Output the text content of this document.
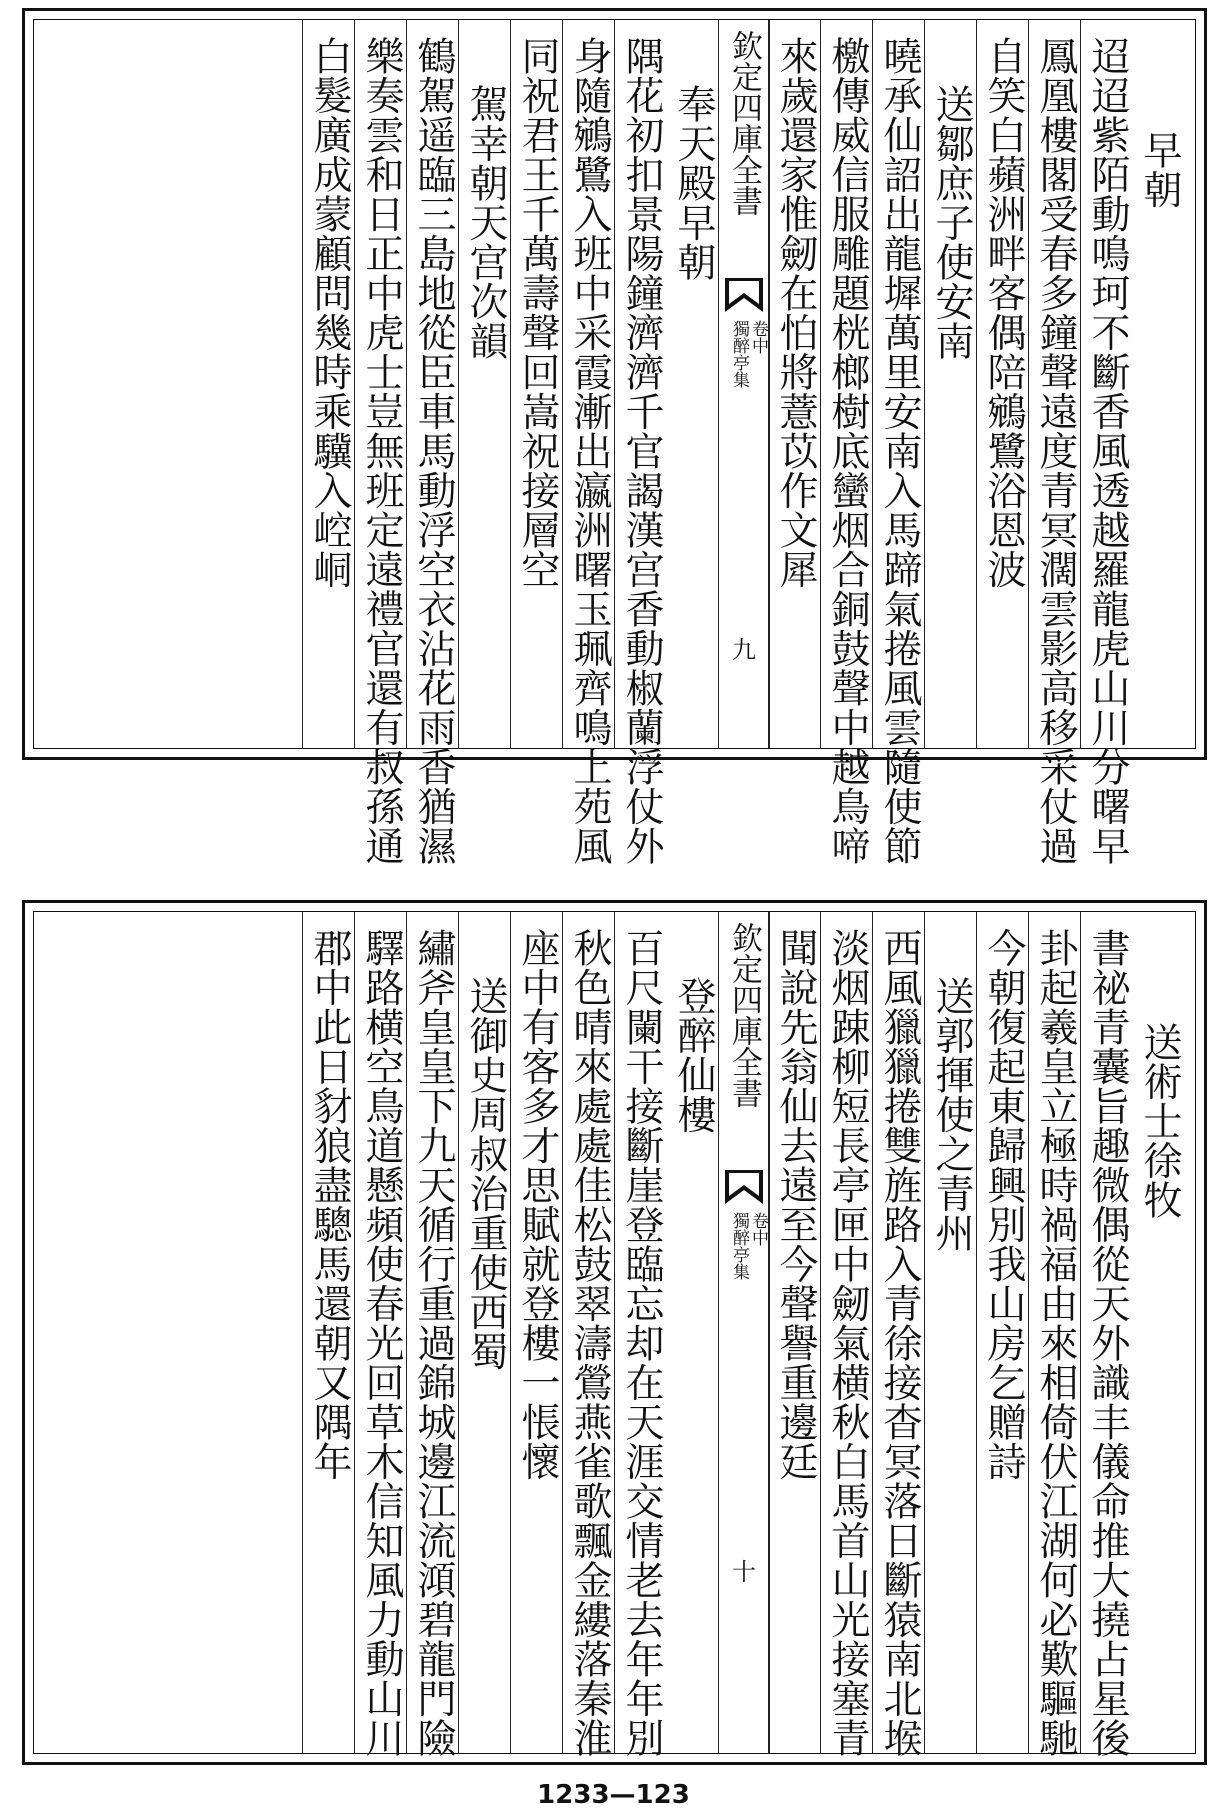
早朝
迢迢紫陌動鳴珂不斷香風透越羅龍虎山川分曙早
鳳凰樓閣受春多鐘聲遠度青冥濶雲影高移采仗過
自笑白蘋洲畔客偶陪鵷鷺浴恩波
送鄒庶子使安南
曉承仙詔出龍墀萬里安南入馬蹄氣捲風雲隨使節
檄傳威信服雕題桄榔樹底蠻烟合銅鼓聲中越鳥啼
來歲還家惟劒在怕將薏苡作文犀
欽定四庫全書
獨醉亭集 卷中
九
奉天殿早朝
隅花初扣景陽鐘濟濟千官謁漢宫香動椒蘭浮仗外
身隨鵷鷺入班中采霞漸出瀛洲曙玉珮齊鳴上苑風
同祝君王千萬壽聲回嵩祝接層空
駕幸朝天宫次韻
鶴駕遥臨三島地從臣車馬動浮空衣沾花雨香猶濕
樂奏雲和日正中虎士豈無班定遠禮官還有叔孫通
白髮廣成蒙顧問幾時乘驥入崆峒
送術士徐牧
書祕青囊旨趣微偶從天外識丰儀命推大撓占星後
卦起羲皇立極時禍福由來相倚伏江湖何必歎驅馳
今朝復起東歸興別我山房乞贈詩
送郭揮使之青州
西風獵獵捲雙旌路入青徐接杳冥落日斷猿南北堠
淡烟踈柳短長亭匣中劒氣横秋白馬首山光接塞青
聞說先翁仙去遠至今聲譽重邊廷
欽定四庫全書
獨醉亭集 卷中
十
登醉仙樓
百尺闌干接斷崖登臨忘却在天涯交情老去年年別
秋色晴來處處佳松鼓翠濤鶯燕雀歌飄金縷落秦淮
座中有客多才思賦就登樓一悵懷
送御史周叔治重使西蜀
繡斧皇皇下九天循行重過錦城邊江流澒碧龍門險
驛路横空鳥道懸頻使春光回草木信知風力動山川
郡中此日豺狼盡驄馬還朝又隅年
1233—123
